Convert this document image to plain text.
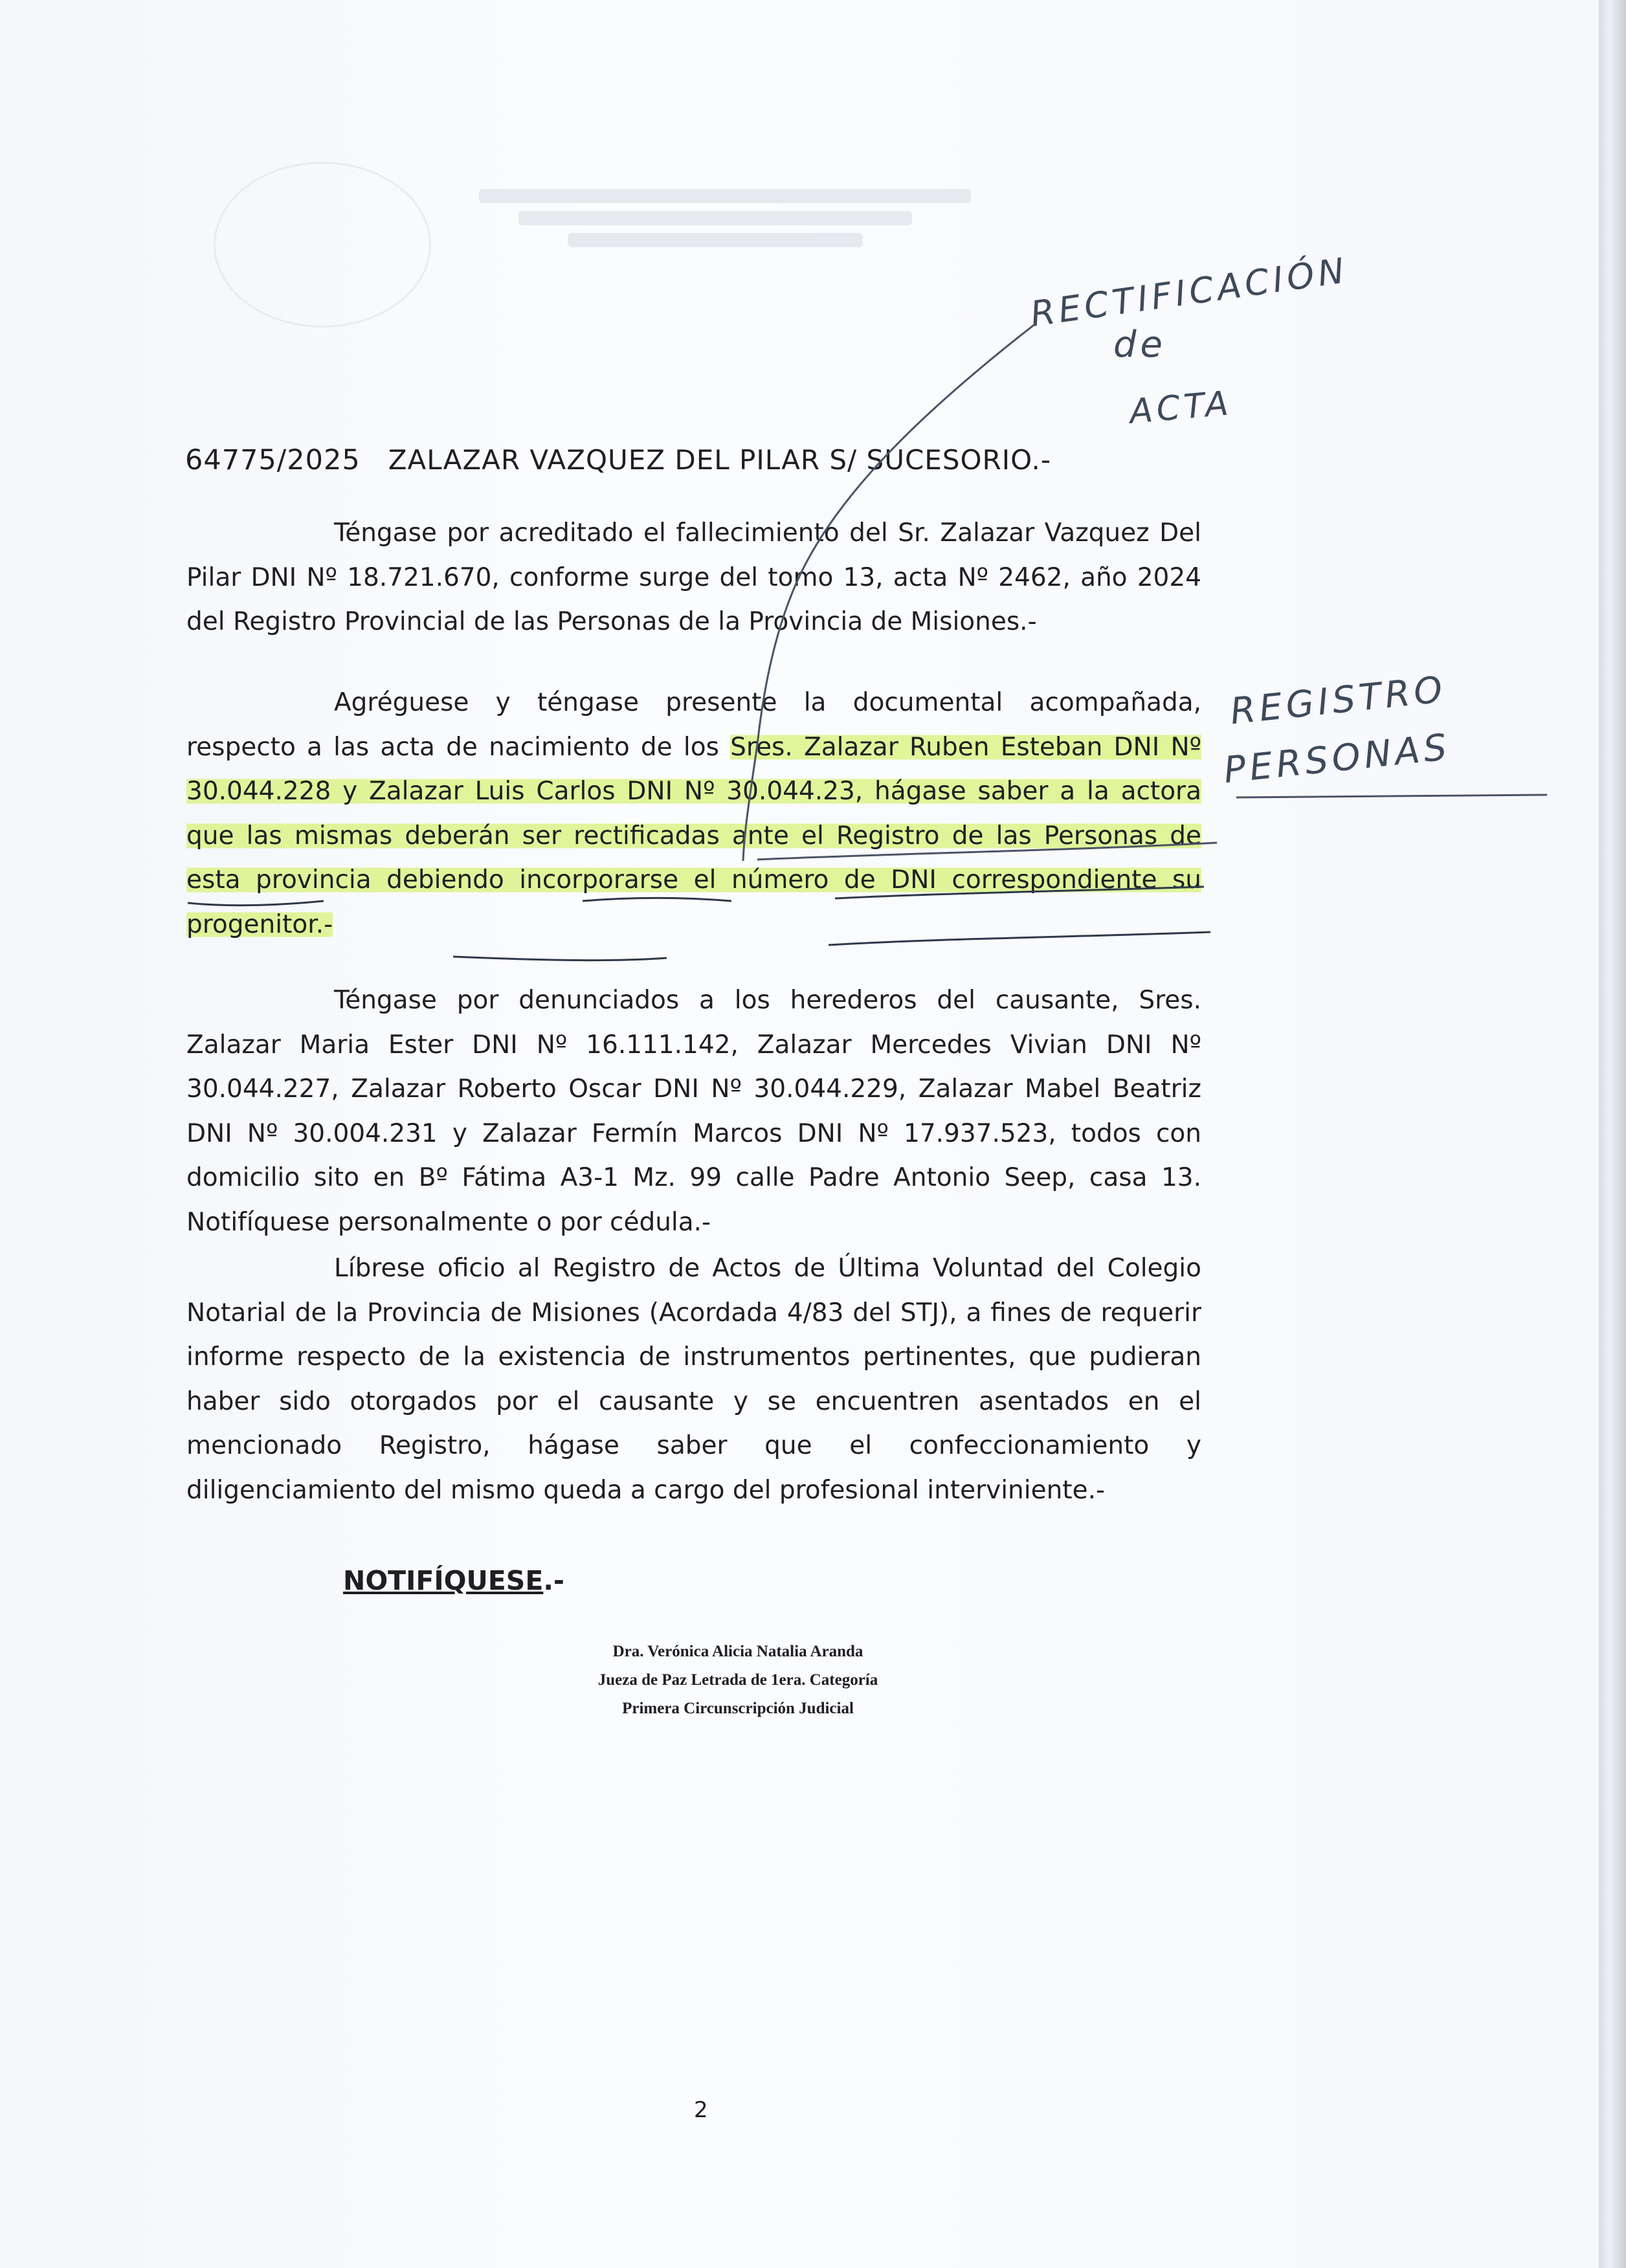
64775/2025 ZALAZAR VAZQUEZ DEL PILAR S/ SUCESORIO.-

Téngase por acreditado el fallecimiento del Sr. Zalazar Vazquez Del Pilar DNI Nº 18.721.670, conforme surge del tomo 13, acta Nº 2462, año 2024 del Registro Provincial de las Personas de la Provincia de Misiones.-

Agréguese y téngase presente la documental acompañada, respecto a las acta de nacimiento de los Sres. Zalazar Ruben Esteban DNI Nº 30.044.228 y Zalazar Luis Carlos DNI Nº 30.044.23, hágase saber a la actora que las mismas deberán ser rectificadas ante el Registro de las Personas de esta provincia debiendo incorporarse el número de DNI correspondiente su progenitor.-

Téngase por denunciados a los herederos del causante, Sres. Zalazar Maria Ester DNI Nº 16.111.142, Zalazar Mercedes Vivian DNI Nº 30.044.227, Zalazar Roberto Oscar DNI Nº 30.044.229, Zalazar Mabel Beatriz DNI Nº 30.004.231 y Zalazar Fermín Marcos DNI Nº 17.937.523, todos con domicilio sito en Bº Fátima A3-1 Mz. 99 calle Padre Antonio Seep, casa 13. Notifíquese personalmente o por cédula.-

Líbrese oficio al Registro de Actos de Última Voluntad del Colegio Notarial de la Provincia de Misiones (Acordada 4/83 del STJ), a fines de requerir informe respecto de la existencia de instrumentos pertinentes, que pudieran haber sido otorgados por el causante y se encuentren asentados en el mencionado Registro, hágase saber que el confeccionamiento y diligenciamiento del mismo queda a cargo del profesional interviniente.-

NOTIFÍQUESE.-
Dra. Verónica Alicia Natalia Aranda
Jueza de Paz Letrada de 1era. Categoría
Primera Circunscripción Judicial
2
RECTIFICACIÓN
de
ACTA
REGISTRO
PERSONAS
